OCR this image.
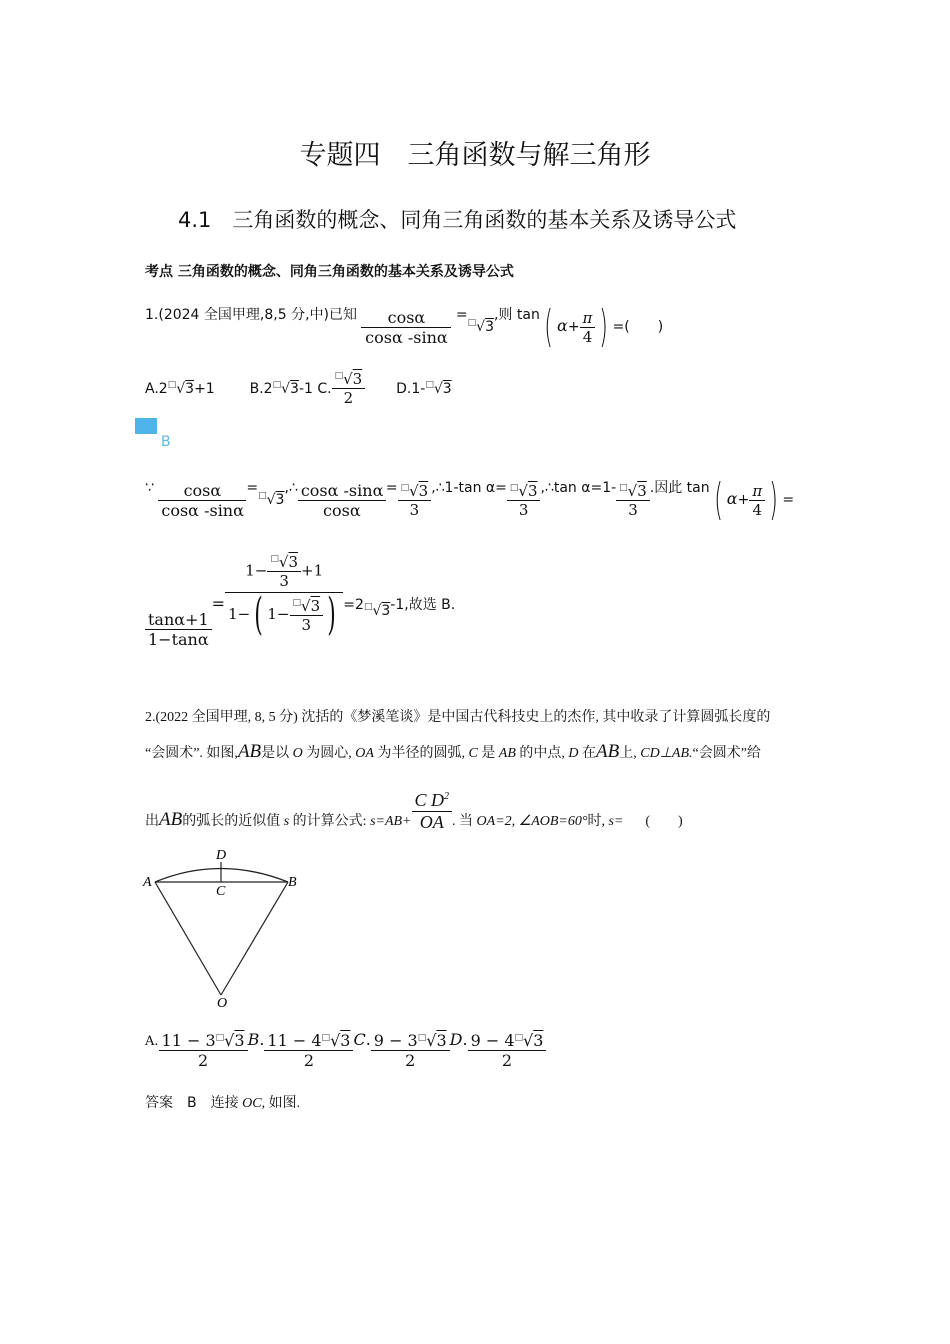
专题四　三角函数与解三角形
4.1　三角函数的概念、同角三角函数的基本关系及诱导公式
考点 三角函数的概念、同角三角函数的基本关系及诱导公式
1.(2024 全国甲理,8,5 分,中)已知 $\frac{\cos\alpha}{\cos\alpha -\sin\alpha} =^□√3$,则 tan( $\alpha+ \frac{\pi}{4}$ ) =(　　)
A.2□√3+1 B.2□√3-1 C. $\frac{^□√3}{2} D.1-^□√3$
B
∵ $\frac{\cos\alpha}{\cos\alpha -\sin\alpha}$ =□√3,∴ $\frac{\cos\alpha -\sin\alpha}{\cos\alpha} = \frac{^□√3}{3}$ ,∴1-tan $\alpha= \frac{^□√3}{3}$ ,∴tan $\alpha=1- \frac{^□√3}{3}$ .因此 tan( $\alpha+ \frac{\pi}{4}$ ) =
$\frac{\tan\alpha+1}{1-\tan\alpha}$
= $\frac{1- \frac{^□√3}{3} +1}{1-( 1- \frac{^□√3}{3} )} =2^□√3-1$,故选 B.
2.(2022 全国甲理, 8, 5 分) 沈括的《梦溪笔谈》是中国古代科技史上的杰作, 其中收录了计算圆弧长度的
“会圆术”. 如图,AB是以 O 为圆心, OA 为半径的圆弧, C 是 AB 的中点, D 在AB上, CD⊥AB.“会圆术”给
出AB的弧长的近似值 s 的计算公式: $s=AB+ \frac{C D^2}{OA}$ . 当 OA=2, ∠AOB=60°时, s= (　　)
A	B
C
D
O
$^{A.} \frac{11 - 3^□√3}{2} B$. $\frac{11 - 4^□√3}{2} C$. $\frac{9 - 3^□√3}{2} D$. $\frac{9 - 4^□√3}{2}$
答案 B 连接 OC, 如图.
